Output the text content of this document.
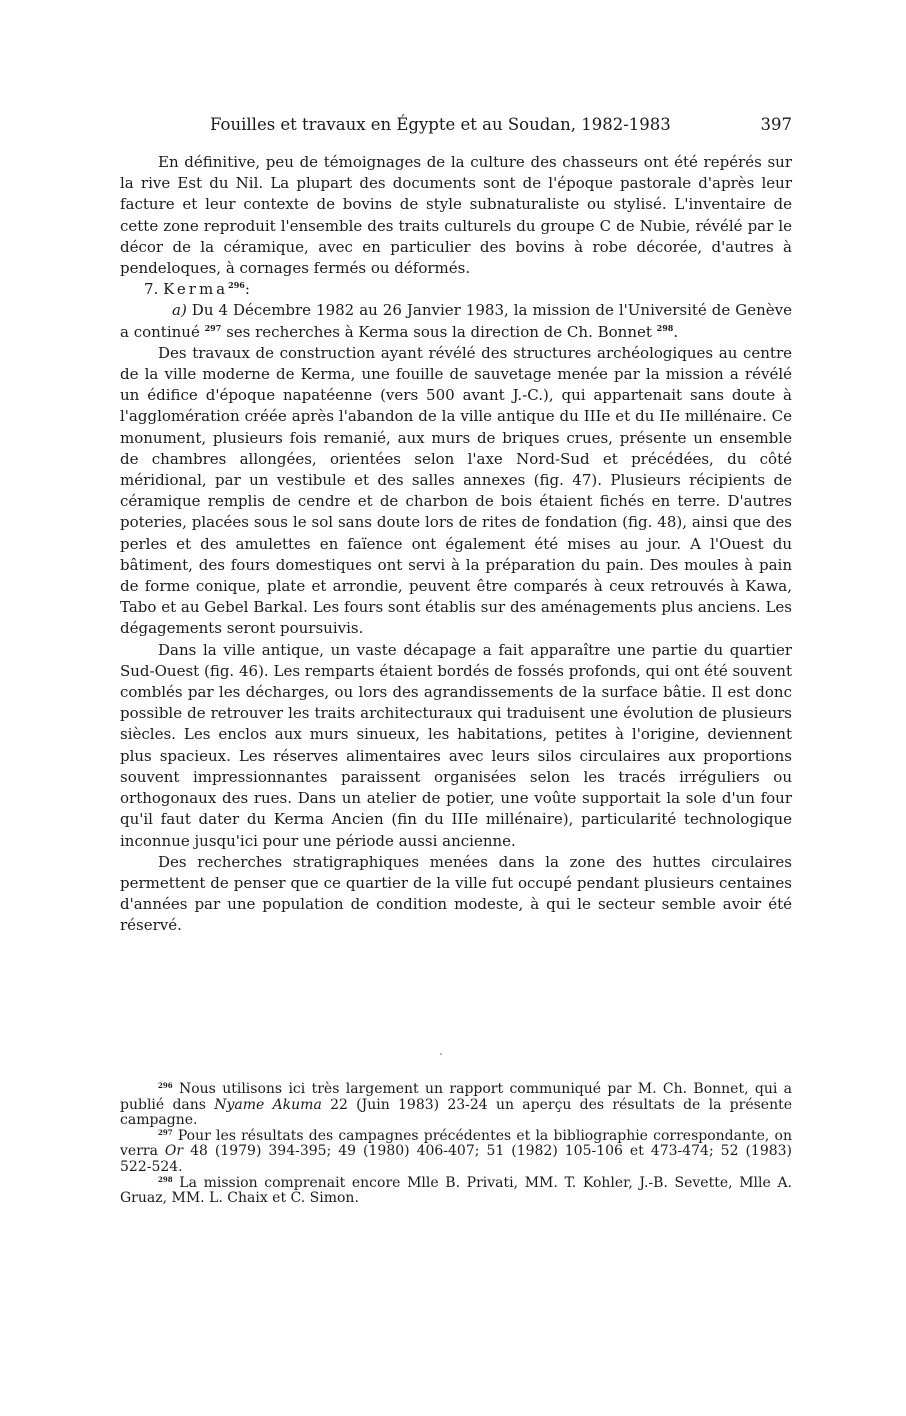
Fouilles et travaux en Égypte et au Soudan, 1982-1983	397

En définitive, peu de témoignages de la culture des chasseurs ont été repérés sur la rive Est du Nil. La plupart des documents sont de l'époque pastorale d'après leur facture et leur contexte de bovins de style subnaturaliste ou stylisé. L'inventaire de cette zone reproduit l'ensemble des traits culturels du groupe C de Nubie, révélé par le décor de la céramique, avec en particulier des bovins à robe décorée, d'autres à pendeloques, à cornages fermés ou déformés.

7. Kerma$^{296}$:

a) Du 4 Décembre 1982 au 26 Janvier 1983, la mission de l'Université de Genève a continué $^{297}$ ses recherches à Kerma sous la direction de Ch. Bonnet $^{298}$.

Des travaux de construction ayant révélé des structures archéologiques au centre de la ville moderne de Kerma, une fouille de sauvetage menée par la mission a révélé un édifice d'époque napatéenne (vers 500 avant J.-C.), qui appartenait sans doute à l'agglomération créée après l'abandon de la ville antique du IIIe et du IIe millénaire. Ce monument, plusieurs fois remanié, aux murs de briques crues, présente un ensemble de chambres allongées, orientées selon l'axe Nord-Sud et précédées, du côté méridional, par un vestibule et des salles annexes (fig. 47). Plusieurs récipients de céramique remplis de cendre et de charbon de bois étaient fichés en terre. D'autres poteries, placées sous le sol sans doute lors de rites de fondation (fig. 48), ainsi que des perles et des amulettes en faïence ont également été mises au jour. A l'Ouest du bâtiment, des fours domestiques ont servi à la préparation du pain. Des moules à pain de forme conique, plate et arrondie, peuvent être comparés à ceux retrouvés à Kawa, Tabo et au Gebel Barkal. Les fours sont établis sur des aménagements plus anciens. Les dégagements seront poursuivis.

Dans la ville antique, un vaste décapage a fait apparaître une partie du quartier Sud-Ouest (fig. 46). Les remparts étaient bordés de fossés profonds, qui ont été souvent comblés par les décharges, ou lors des agrandissements de la surface bâtie. Il est donc possible de retrouver les traits architecturaux qui traduisent une évolution de plusieurs siècles. Les enclos aux murs sinueux, les habitations, petites à l'origine, deviennent plus spacieux. Les réserves alimentaires avec leurs silos circulaires aux proportions souvent impressionnantes paraissent organisées selon les tracés irréguliers ou orthogonaux des rues. Dans un atelier de potier, une voûte supportait la sole d'un four qu'il faut dater du Kerma Ancien (fin du IIIe millénaire), particularité technologique inconnue jusqu'ici pour une période aussi ancienne.

Des recherches stratigraphiques menées dans la zone des huttes circulaires permettent de penser que ce quartier de la ville fut occupé pendant plusieurs centaines d'années par une population de condition modeste, à qui le secteur semble avoir été réservé.

$^{296}$ Nous utilisons ici très largement un rapport communiqué par M. Ch. Bonnet, qui a publié dans Nyame Akuma 22 (Juin 1983) 23-24 un aperçu des résultats de la présente campagne.

$^{297}$ Pour les résultats des campagnes précédentes et la bibliographie correspondante, on verra Or 48 (1979) 394-395; 49 (1980) 406-407; 51 (1982) 105-106 et 473-474; 52 (1983) 522-524.

$^{298}$ La mission comprenait encore Mlle B. Privati, MM. T. Kohler, J.-B. Sevette, Mlle A. Gruaz, MM. L. Chaix et C. Simon.
